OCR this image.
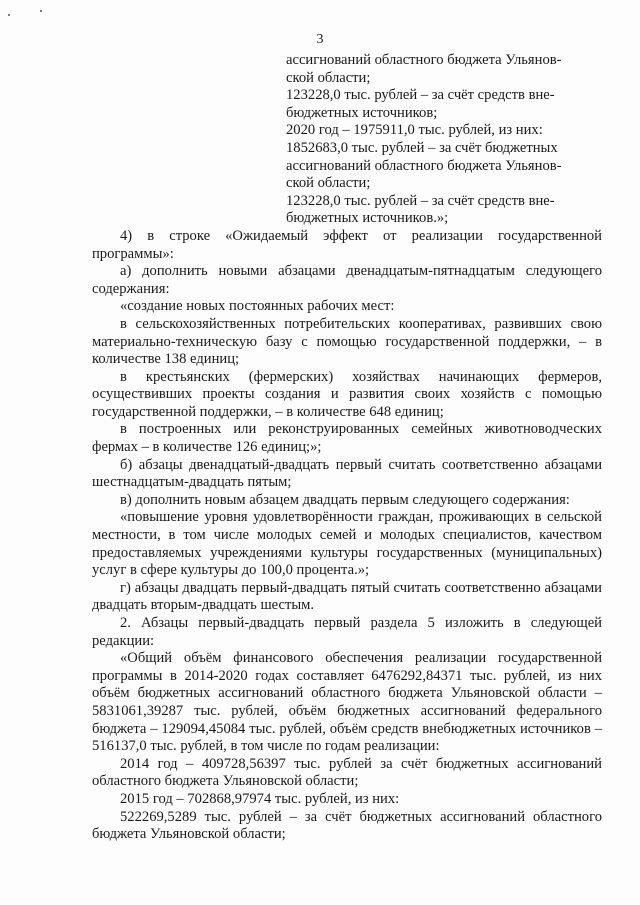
3
ассигнований областного бюджета Ульянов-
ской области;
123228,0 тыс. рублей – за счёт средств вне-
бюджетных источников;
2020 год – 1975911,0 тыс. рублей, из них:
1852683,0 тыс. рублей – за счёт бюджетных
ассигнований областного бюджета Ульянов-
ской области;
123228,0 тыс. рублей – за счёт средств вне-
бюджетных источников.»;

4) в строке «Ожидаемый эффект от реализации государственной программы»:

а) дополнить новыми абзацами двенадцатым-пятнадцатым следующего содержания:

«создание новых постоянных рабочих мест:

в сельскохозяйственных потребительских кооперативах, развивших свою материально-техническую базу с помощью государственной поддержки, – в количестве 138 единиц;

в крестьянских (фермерских) хозяйствах начинающих фермеров, осуществивших проекты создания и развития своих хозяйств с помощью государственной поддержки, – в количестве 648 единиц;

в построенных или реконструированных семейных животноводческих фермах – в количестве 126 единиц;»;

б) абзацы двенадцатый-двадцать первый считать соответственно абзацами шестнадцатым-двадцать пятым;

в) дополнить новым абзацем двадцать первым следующего содержания:

«повышение уровня удовлетворённости граждан, проживающих в сельской местности, в том числе молодых семей и молодых специалистов, качеством предоставляемых учреждениями культуры государственных (муниципальных) услуг в сфере культуры до 100,0 процента.»;

г) абзацы двадцать первый-двадцать пятый считать соответственно абзацами двадцать вторым-двадцать шестым.

2. Абзацы первый-двадцать первый раздела 5 изложить в следующей редакции:

«Общий объём финансового обеспечения реализации государственной программы в 2014-2020 годах составляет 6476292,84371 тыс. рублей, из них объём бюджетных ассигнований областного бюджета Ульяновской области – 5831061,39287 тыс. рублей, объём бюджетных ассигнований федерального бюджета – 129094,45084 тыс. рублей, объём средств внебюджетных источников – 516137,0 тыс. рублей, в том числе по годам реализации:

2014 год – 409728,56397 тыс. рублей за счёт бюджетных ассигнований областного бюджета Ульяновской области;

2015 год – 702868,97974 тыс. рублей, из них:

522269,5289 тыс. рублей – за счёт бюджетных ассигнований областного бюджета Ульяновской области;
